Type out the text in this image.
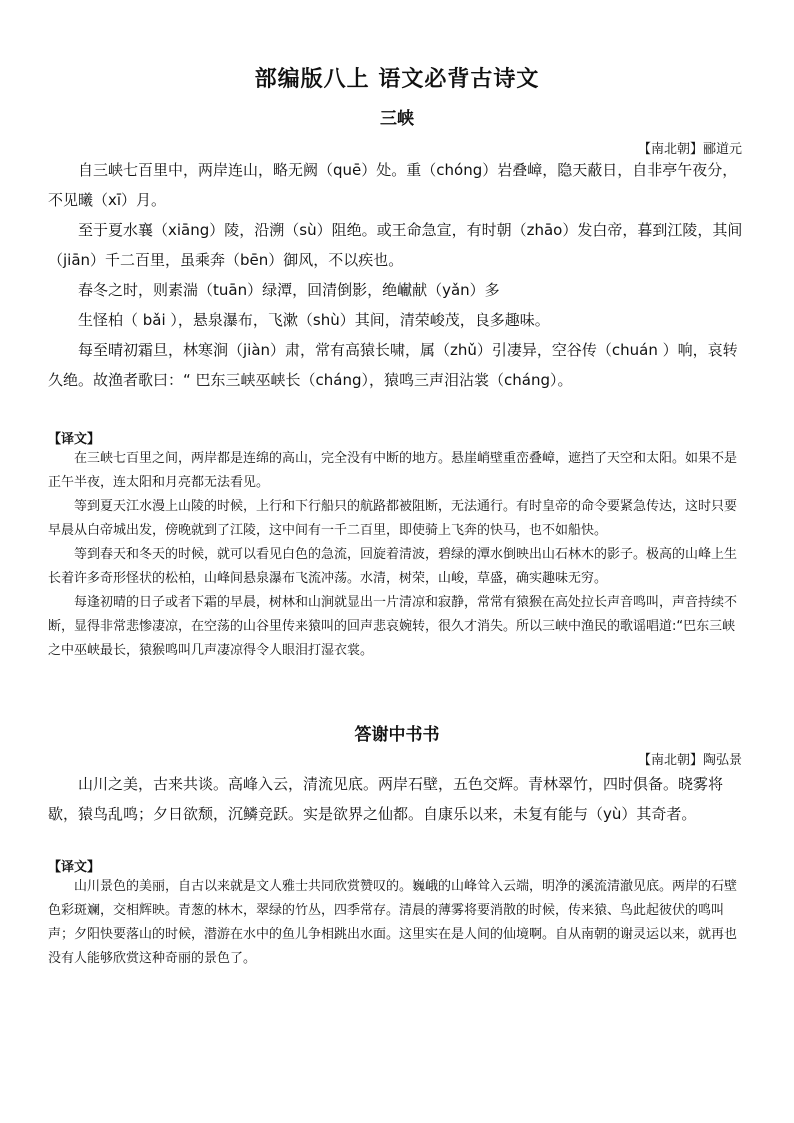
部编版八上 语文必背古诗文
三峡
【南北朝】郦道元

自三峡七百里中，两岸连山，略无阙（quē）处。重（chóng）岩叠嶂，隐天蔽日，自非亭午夜分，不见曦（xī）月。

至于夏水襄（xiāng）陵，沿溯（sù）阻绝。或王命急宣，有时朝（zhāo）发白帝，暮到江陵，其间（jiān）千二百里，虽乘奔（bēn）御风，不以疾也。

春冬之时，则素湍（tuān）绿潭，回清倒影，绝𪩘献（yǎn）多

生怪柏（ bǎi ），悬泉瀑布，飞漱（shù）其间，清荣峻茂，良多趣味。

每至晴初霜旦，林寒涧（jiàn）肃，常有高猿长啸，属（zhǔ）引凄异，空谷传（chuán ）响，哀转久绝。故渔者歌曰：“ 巴东三峡巫峡长（cháng），猿鸣三声泪沾裳（cháng）。

【译文】

在三峡七百里之间，两岸都是连绵的高山，完全没有中断的地方。悬崖峭壁重峦叠嶂，遮挡了天空和太阳。如果不是正午半夜，连太阳和月亮都无法看见。

等到夏天江水漫上山陵的时候，上行和下行船只的航路都被阻断，无法通行。有时皇帝的命令要紧急传达，这时只要早晨从白帝城出发，傍晚就到了江陵，这中间有一千二百里，即使骑上飞奔的快马，也不如船快。

等到春天和冬天的时候，就可以看见白色的急流，回旋着清波，碧绿的潭水倒映出山石林木的影子。极高的山峰上生长着许多奇形怪状的松柏，山峰间悬泉瀑布飞流冲荡。水清，树荣，山峻，草盛，确实趣味无穷。

每逢初晴的日子或者下霜的早晨，树林和山涧就显出一片清凉和寂静，常常有猿猴在高处拉长声音鸣叫，声音持续不断，显得非常悲惨凄凉，在空荡的山谷里传来猿叫的回声悲哀婉转，很久才消失。所以三峡中渔民的歌谣唱道:“巴东三峡之中巫峡最长，猿猴鸣叫几声凄凉得令人眼泪打湿衣裳。

答谢中书书
【南北朝】陶弘景

山川之美，古来共谈。高峰入云，清流见底。两岸石壁，五色交辉。青林翠竹，四时俱备。晓雾将歇，猿鸟乱鸣；夕日欲颓，沉鳞竞跃。实是欲界之仙都。自康乐以来，未复有能与（yù）其奇者。

【译文】

山川景色的美丽，自古以来就是文人雅士共同欣赏赞叹的。巍峨的山峰耸入云端，明净的溪流清澈见底。两岸的石壁色彩斑斓，交相辉映。青葱的林木，翠绿的竹丛，四季常存。清晨的薄雾将要消散的时候，传来猿、鸟此起彼伏的鸣叫声；夕阳快要落山的时候，潜游在水中的鱼儿争相跳出水面。这里实在是人间的仙境啊。自从南朝的谢灵运以来，就再也没有人能够欣赏这种奇丽的景色了。
